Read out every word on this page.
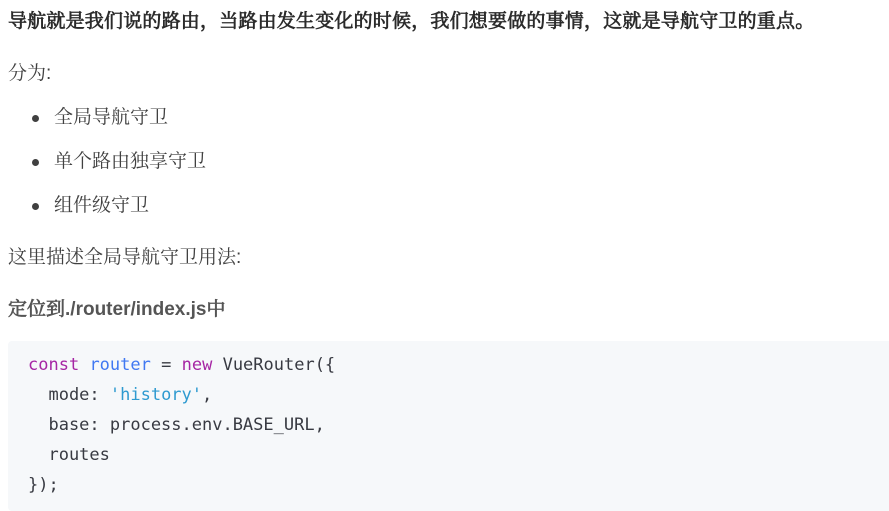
导航就是我们说的路由，当路由发生变化的时候，我们想要做的事情，这就是导航守卫的重点。
分为:
全局导航守卫
单个路由独享守卫
组件级守卫
这里描述全局导航守卫用法:
定位到./router/index.js中
const router = new VueRouter({
mode: 'history',
base: process.env.BASE_URL,
routes
});
